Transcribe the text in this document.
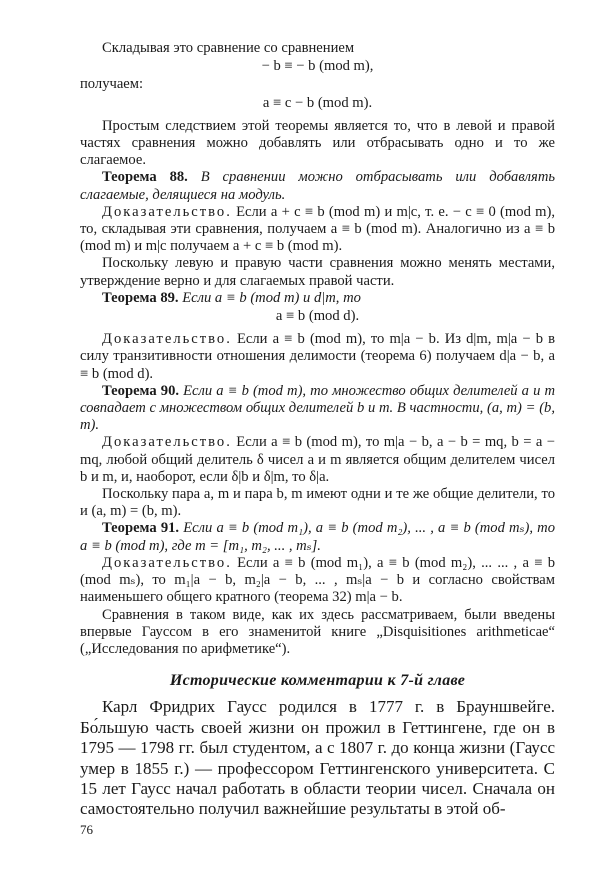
Складывая это сравнение со сравнением

− b ≡ − b (mod m),

получаем:

a ≡ c − b (mod m).

Простым следствием этой теоремы является то, что в левой и правой частях сравнения можно добавлять или отбрасывать одно и то же слагаемое.

Теорема 88. В сравнении можно отбрасывать или добавлять слагаемые, делящиеся на модуль.

Доказательство. Если a + c ≡ b (mod m) и m|c, т. е. − c ≡ 0 (mod m), то, складывая эти сравнения, получаем a ≡ b (mod m). Аналогично из a ≡ b (mod m) и m|c получаем a + c ≡ b (mod m).

Поскольку левую и правую части сравнения можно менять местами, утверждение верно и для слагаемых правой части.

Теорема 89. Если a ≡ b (mod m) и d|m, то

a ≡ b (mod d).

Доказательство. Если a ≡ b (mod m), то m|a − b. Из d|m, m|a − b в силу транзитивности отношения делимости (теорема 6) получаем d|a − b, a ≡ b (mod d).

Теорема 90. Если a ≡ b (mod m), то множество общих делителей a и m совпадает с множеством общих делителей b и m. В частности, (a, m) = (b, m).

Доказательство. Если a ≡ b (mod m), то m|a − b, a − b = mq, b = a − mq, любой общий делитель δ чисел a и m является общим делителем чисел b и m, и, наоборот, если δ|b и δ|m, то δ|a.

Поскольку пара a, m и пара b, m имеют одни и те же общие делители, то и (a, m) = (b, m).

Теорема 91. Если a ≡ b (mod m₁), a ≡ b (mod m₂), ... , a ≡ b (mod mₛ), то a ≡ b (mod m), где m = [m₁, m₂, ... , mₛ].

Доказательство. Если a ≡ b (mod m₁), a ≡ b (mod m₂), ... ... , a ≡ b (mod mₛ), то m₁|a − b, m₂|a − b, ... , mₛ|a − b и согласно свойствам наименьшего общего кратного (теорема 32) m|a − b.

Сравнения в таком виде, как их здесь рассматриваем, были введены впервые Гауссом в его знаменитой книге „Disquisitiones arithmeticae“ („Исследования по арифметике“).

Исторические комментарии к 7-й главе

Карл Фридрих Гаусс родился в 1777 г. в Брауншвейге. Бо́льшую часть своей жизни он прожил в Геттингене, где он в 1795 — 1798 гг. был студентом, а с 1807 г. до конца жизни (Гаусс умер в 1855 г.) — профессором Геттингенского университета. С 15 лет Гаусс начал работать в области теории чисел. Сначала он самостоятельно получил важнейшие результаты в этой об-

76
